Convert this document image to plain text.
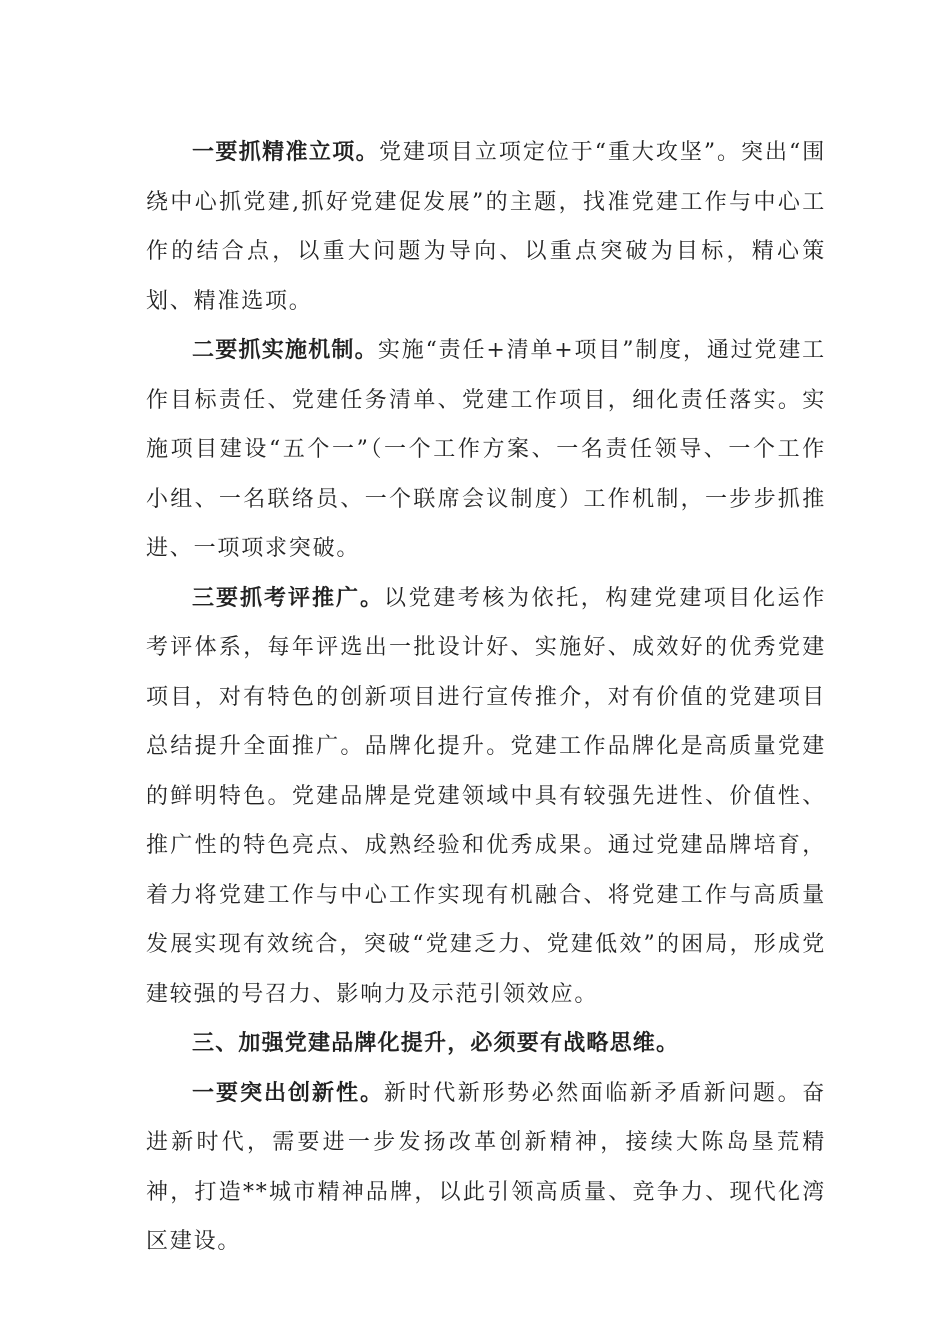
一要抓精准立项。党建项目立项定位于“重大攻坚”。突出“围绕中心抓党建,抓好党建促发展”的主题，找准党建工作与中心工作的结合点，以重大问题为导向、以重点突破为目标，精心策划、精准选项。

二要抓实施机制。实施“责任+清单+项目”制度，通过党建工作目标责任、党建任务清单、党建工作项目，细化责任落实。实施项目建设“五个一”（一个工作方案、一名责任领导、一个工作小组、一名联络员、一个联席会议制度）工作机制，一步步抓推进、一项项求突破。

三要抓考评推广。以党建考核为依托，构建党建项目化运作考评体系，每年评选出一批设计好、实施好、成效好的优秀党建项目，对有特色的创新项目进行宣传推介，对有价值的党建项目总结提升全面推广。品牌化提升。党建工作品牌化是高质量党建的鲜明特色。党建品牌是党建领域中具有较强先进性、价值性、推广性的特色亮点、成熟经验和优秀成果。通过党建品牌培育，着力将党建工作与中心工作实现有机融合、将党建工作与高质量发展实现有效统合，突破“党建乏力、党建低效”的困局，形成党建较强的号召力、影响力及示范引领效应。

三、加强党建品牌化提升，必须要有战略思维。

一要突出创新性。新时代新形势必然面临新矛盾新问题。奋进新时代，需要进一步发扬改革创新精神，接续大陈岛垦荒精神，打造**城市精神品牌，以此引领高质量、竞争力、现代化湾区建设。
